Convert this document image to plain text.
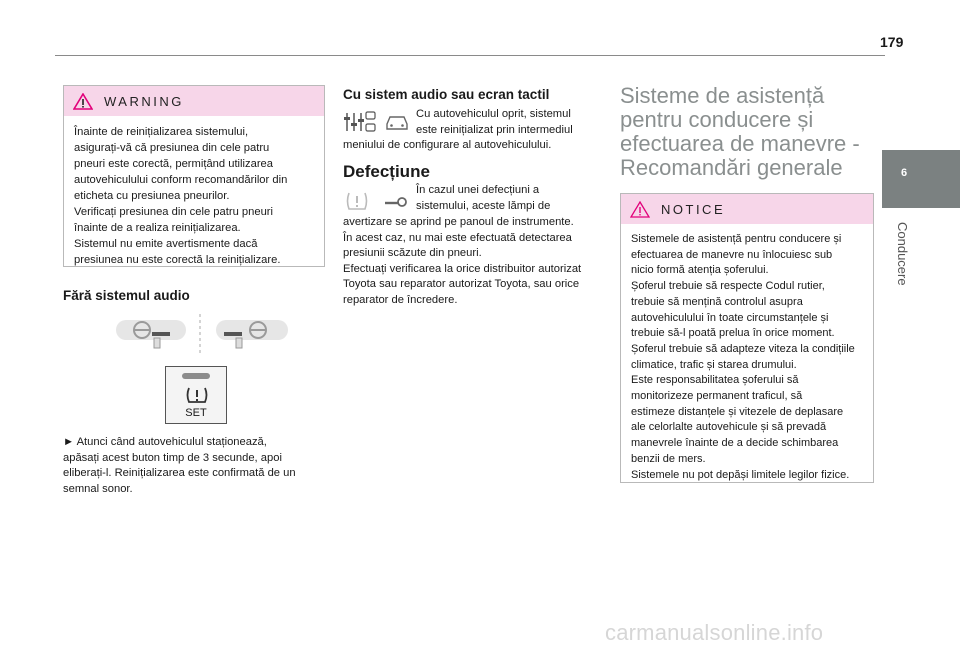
179
6
Conducere
WARNING
Înainte de reinițializarea sistemului,
asigurați-vă că presiunea din cele patru
pneuri este corectă, permițând utilizarea
autovehiculului conform recomandărilor din
eticheta cu presiunea pneurilor.
Verificați presiunea din cele patru pneuri
înainte de a realiza reinițializarea.
Sistemul nu emite avertismente dacă
presiunea nu este corectă la reinițializare.
Fără sistemul audio
SET
► Atunci când autovehiculul staționează,
apăsați acest buton timp de 3 secunde, apoi
eliberați-l. Reinițializarea este confirmată de un
semnal sonor.
Cu sistem audio sau ecran tactil
Cu autovehiculul oprit, sistemul
este reinițializat prin intermediul
meniului de configurare al autovehiculului.
Defecțiune
În cazul unei defecțiuni a
sistemului, aceste lămpi de
avertizare se aprind pe panoul de instrumente.
În acest caz, nu mai este efectuată detectarea
presiunii scăzute din pneuri.
Efectuați verificarea la orice distribuitor autorizat
Toyota sau reparator autorizat Toyota, sau orice
reparator de încredere.
Sisteme de asistență
pentru conducere și
efectuarea de manevre -
Recomandări generale
NOTICE
Sistemele de asistență pentru conducere și
efectuarea de manevre nu înlocuiesc sub
nicio formă atenția șoferului.
Șoferul trebuie să respecte Codul rutier,
trebuie să mențină controlul asupra
autovehiculului în toate circumstanțele și
trebuie să-l poată prelua în orice moment.
Șoferul trebuie să adapteze viteza la condițiile
climatice, trafic și starea drumului.
Este responsabilitatea șoferului să
monitorizeze permanent traficul, să
estimeze distanțele și vitezele de deplasare
ale celorlalte autovehicule și să prevadă
manevrele înainte de a decide schimbarea
benzii de mers.
Sistemele nu pot depăși limitele legilor fizice.
carmanualsonline.info
